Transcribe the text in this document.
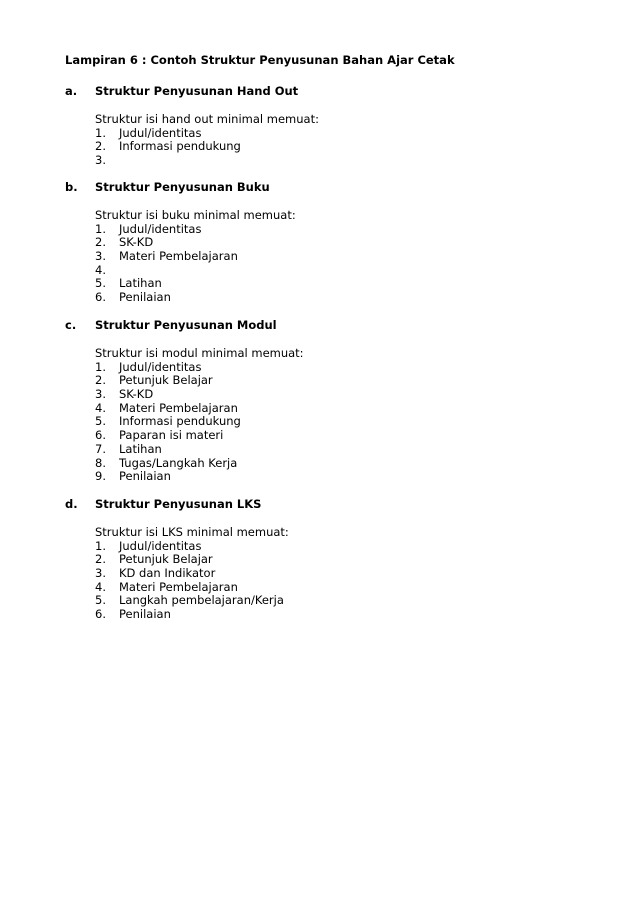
Lampiran 6 : Contoh Struktur Penyusunan Bahan Ajar Cetak
a. Struktur Penyusunan Hand Out
Struktur isi hand out minimal memuat:
1. Judul/identitas
2. Informasi pendukung
3.
b. Struktur Penyusunan Buku
Struktur isi buku minimal memuat:
1. Judul/identitas
2. SK-KD
3. Materi Pembelajaran
4.
5. Latihan
6. Penilaian
c. Struktur Penyusunan Modul
Struktur isi modul minimal memuat:
1. Judul/identitas
2. Petunjuk Belajar
3. SK-KD
4. Materi Pembelajaran
5. Informasi pendukung
6. Paparan isi materi
7. Latihan
8. Tugas/Langkah Kerja
9. Penilaian
d. Struktur Penyusunan LKS
Struktur isi LKS minimal memuat:
1. Judul/identitas
2. Petunjuk Belajar
3. KD dan Indikator
4. Materi Pembelajaran
5. Langkah pembelajaran/Kerja
6. Penilaian
